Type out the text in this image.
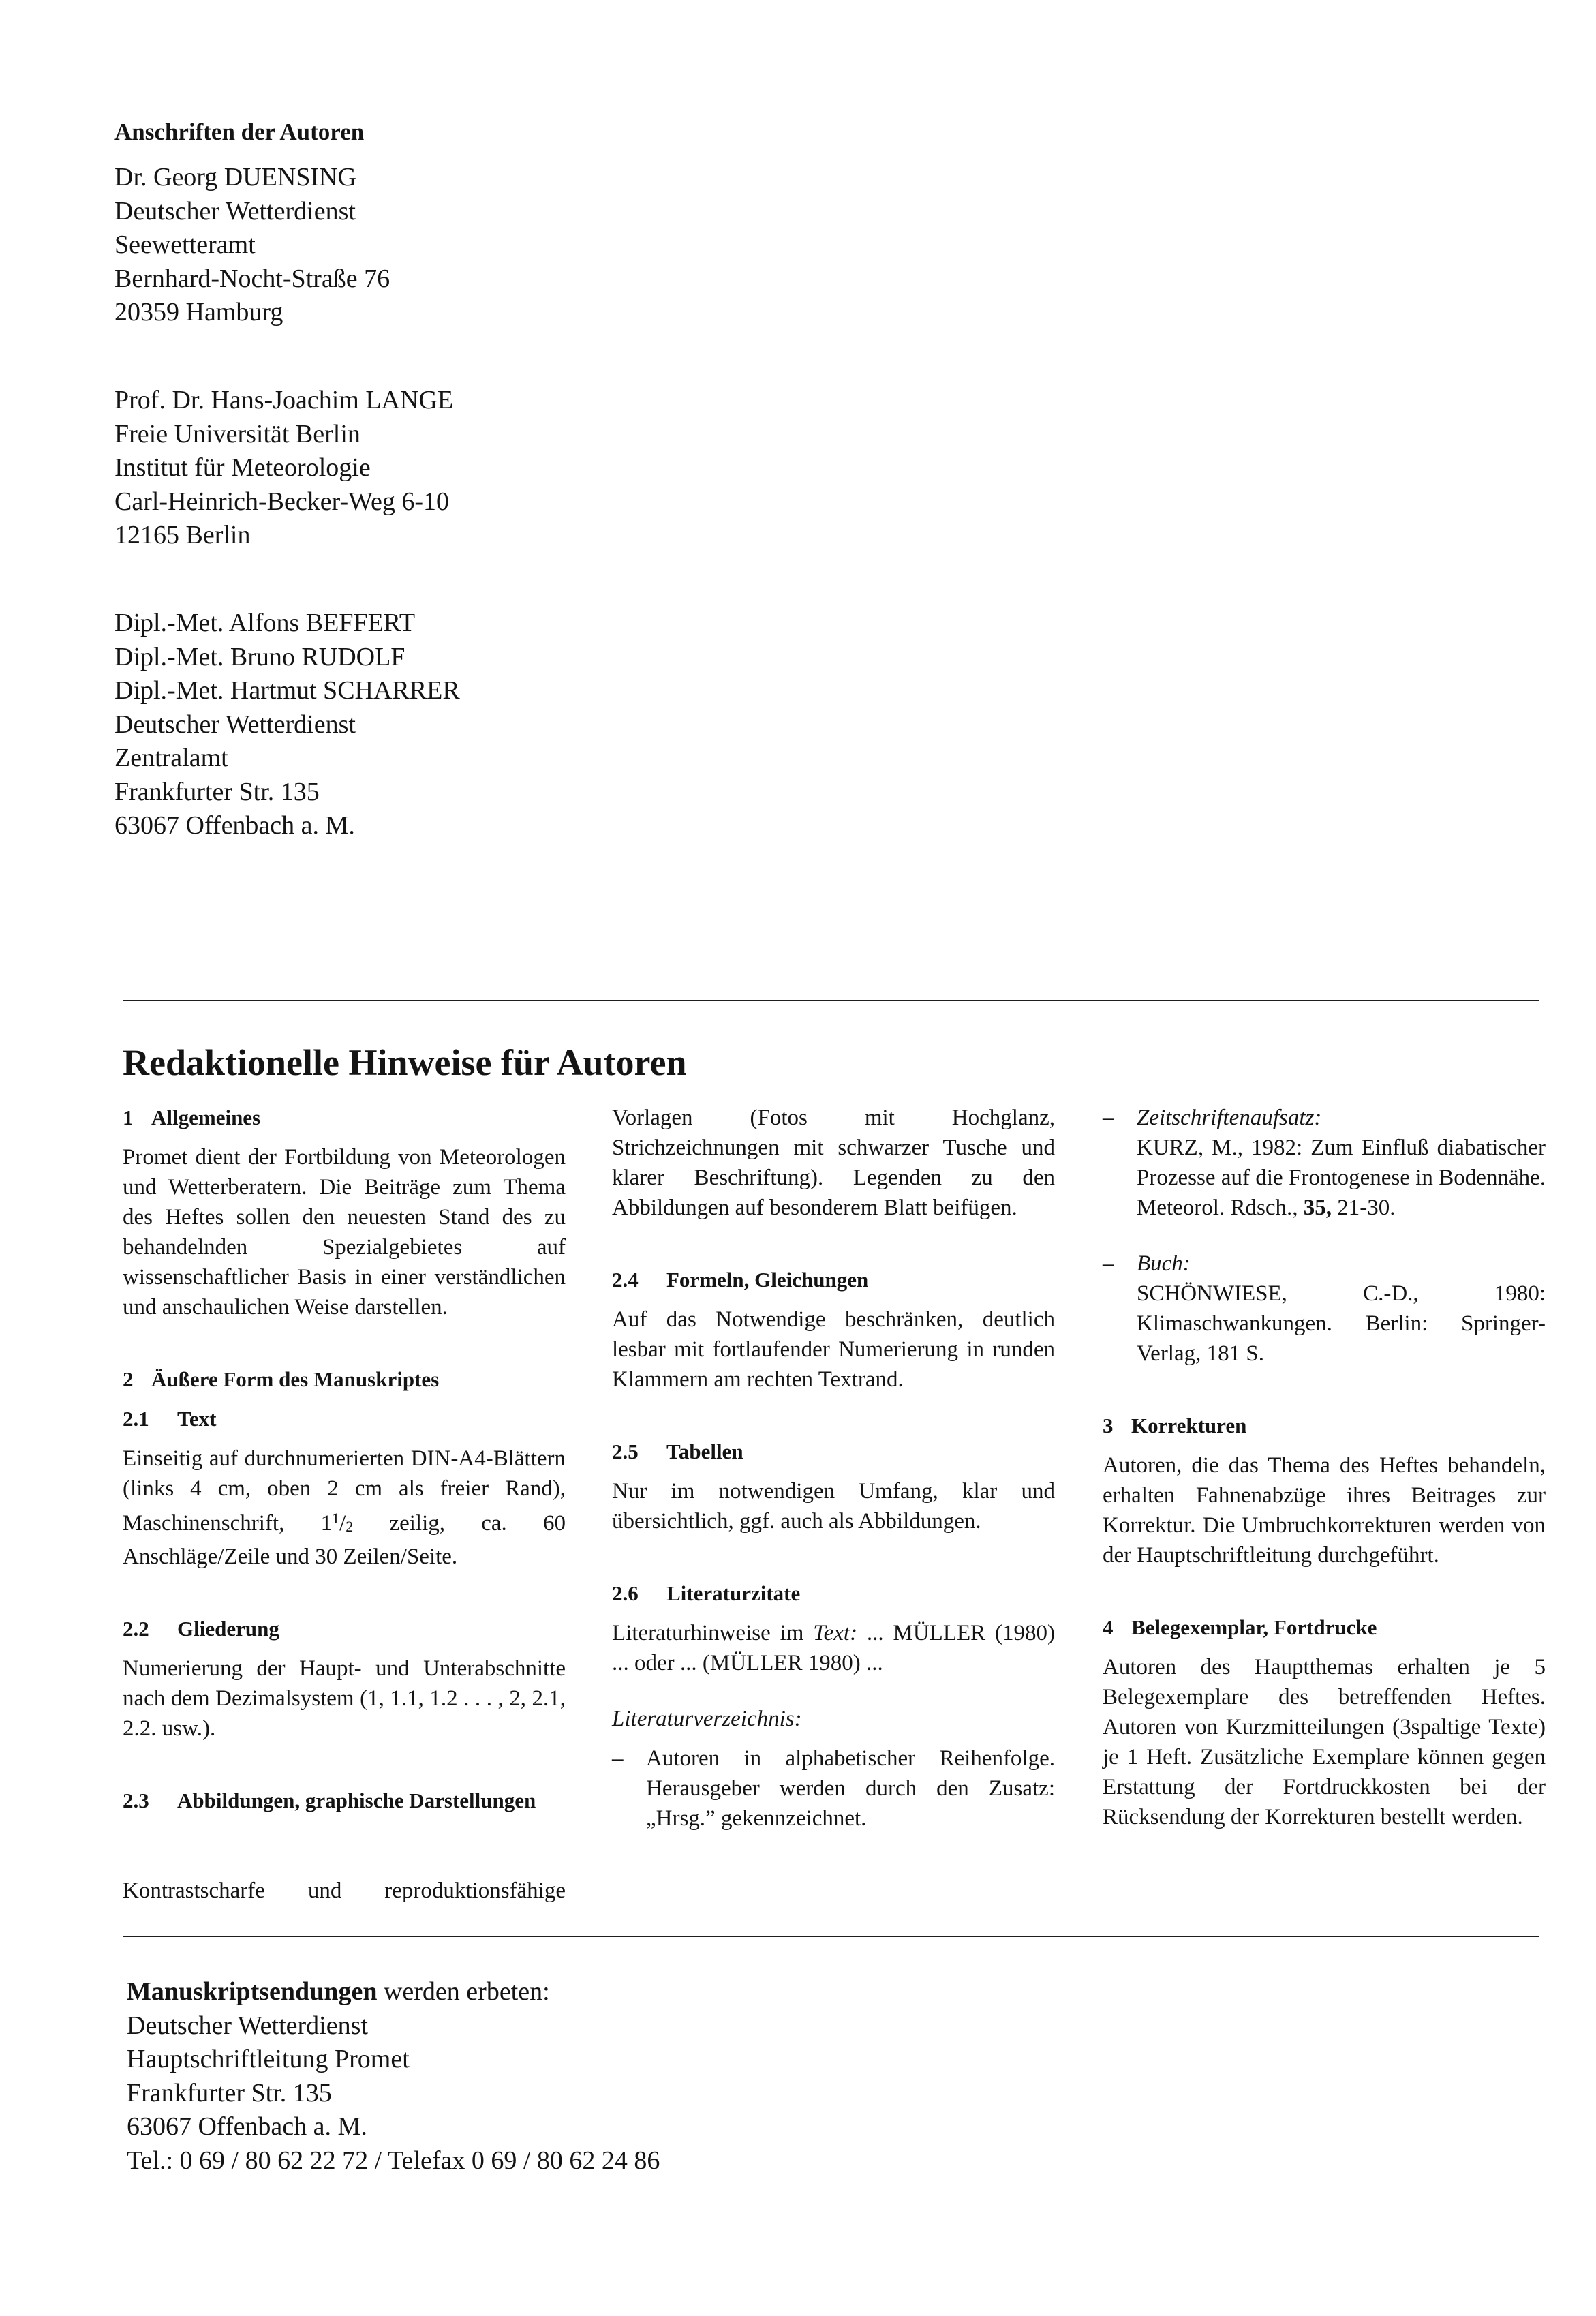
Anschriften der Autoren
Dr. Georg DUENSING
Deutscher Wetterdienst
Seewetteramt
Bernhard-Nocht-Straße 76
20359 Hamburg
Prof. Dr. Hans-Joachim LANGE
Freie Universität Berlin
Institut für Meteorologie
Carl-Heinrich-Becker-Weg 6-10
12165 Berlin
Dipl.-Met. Alfons BEFFERT
Dipl.-Met. Bruno RUDOLF
Dipl.-Met. Hartmut SCHARRER
Deutscher Wetterdienst
Zentralamt
Frankfurter Str. 135
63067 Offenbach a. M.
Redaktionelle Hinweise für Autoren

1 Allgemeines

Promet dient der Fortbildung von Meteorologen und Wetterberatern. Die Beiträge zum Thema des Heftes sollen den neuesten Stand des zu behandelnden Spezialgebietes auf wissenschaftlicher Basis in einer verständlichen und anschaulichen Weise darstellen.

2 Äußere Form des Manuskriptes

2.1 Text

Einseitig auf durchnumerierten DIN-A4-Blättern (links 4 cm, oben 2 cm als freier Rand), Maschinenschrift, $1^1/_2$ zeilig, ca. 60 Anschläge/Zeile und 30 Zeilen/Seite.

2.2 Gliederung

Numerierung der Haupt- und Unterabschnitte nach dem Dezimalsystem (1, 1.1, 1.2 . . . , 2, 2.1, 2.2. usw.).

2.3 Abbildungen, graphische Darstellungen

Kontrastscharfe und reproduktionsfähige

Vorlagen (Fotos mit Hochglanz, Strichzeichnungen mit schwarzer Tusche und klarer Beschriftung). Legenden zu den Abbildungen auf besonderem Blatt beifügen.

2.4 Formeln, Gleichungen

Auf das Notwendige beschränken, deutlich lesbar mit fortlaufender Numerierung in runden Klammern am rechten Textrand.

2.5 Tabellen

Nur im notwendigen Umfang, klar und übersichtlich, ggf. auch als Abbildungen.

2.6 Literaturzitate

Literaturhinweise im Text: ... MÜLLER (1980) ... oder ... (MÜLLER 1980) ...

Literaturverzeichnis:

–	Autoren in alphabetischer Reihenfolge. Herausgeber werden durch den Zusatz: „Hrsg.” gekennzeichnet.
–	Zeitschriftenaufsatz:
KURZ, M., 1982: Zum Einfluß diabatischer Prozesse auf die Frontogenese in Bodennähe. Meteorol. Rdsch., 35, 21-30.
–	Buch:
SCHÖNWIESE, C.-D., 1980: Klimaschwankungen. Berlin: Springer-Verlag, 181 S.

3 Korrekturen

Autoren, die das Thema des Heftes behandeln, erhalten Fahnenabzüge ihres Beitrages zur Korrektur. Die Umbruchkorrekturen werden von der Hauptschriftleitung durchgeführt.

4 Belegexemplar, Fortdrucke

Autoren des Hauptthemas erhalten je 5 Belegexemplare des betreffenden Heftes. Autoren von Kurzmitteilungen (3spaltige Texte) je 1 Heft. Zusätzliche Exemplare können gegen Erstattung der Fortdruckkosten bei der Rücksendung der Korrekturen bestellt werden.

Manuskriptsendungen werden erbeten:
Deutscher Wetterdienst
Hauptschriftleitung Promet
Frankfurter Str. 135
63067 Offenbach a. M.
Tel.: 0 69 / 80 62 22 72 / Telefax 0 69 / 80 62 24 86
